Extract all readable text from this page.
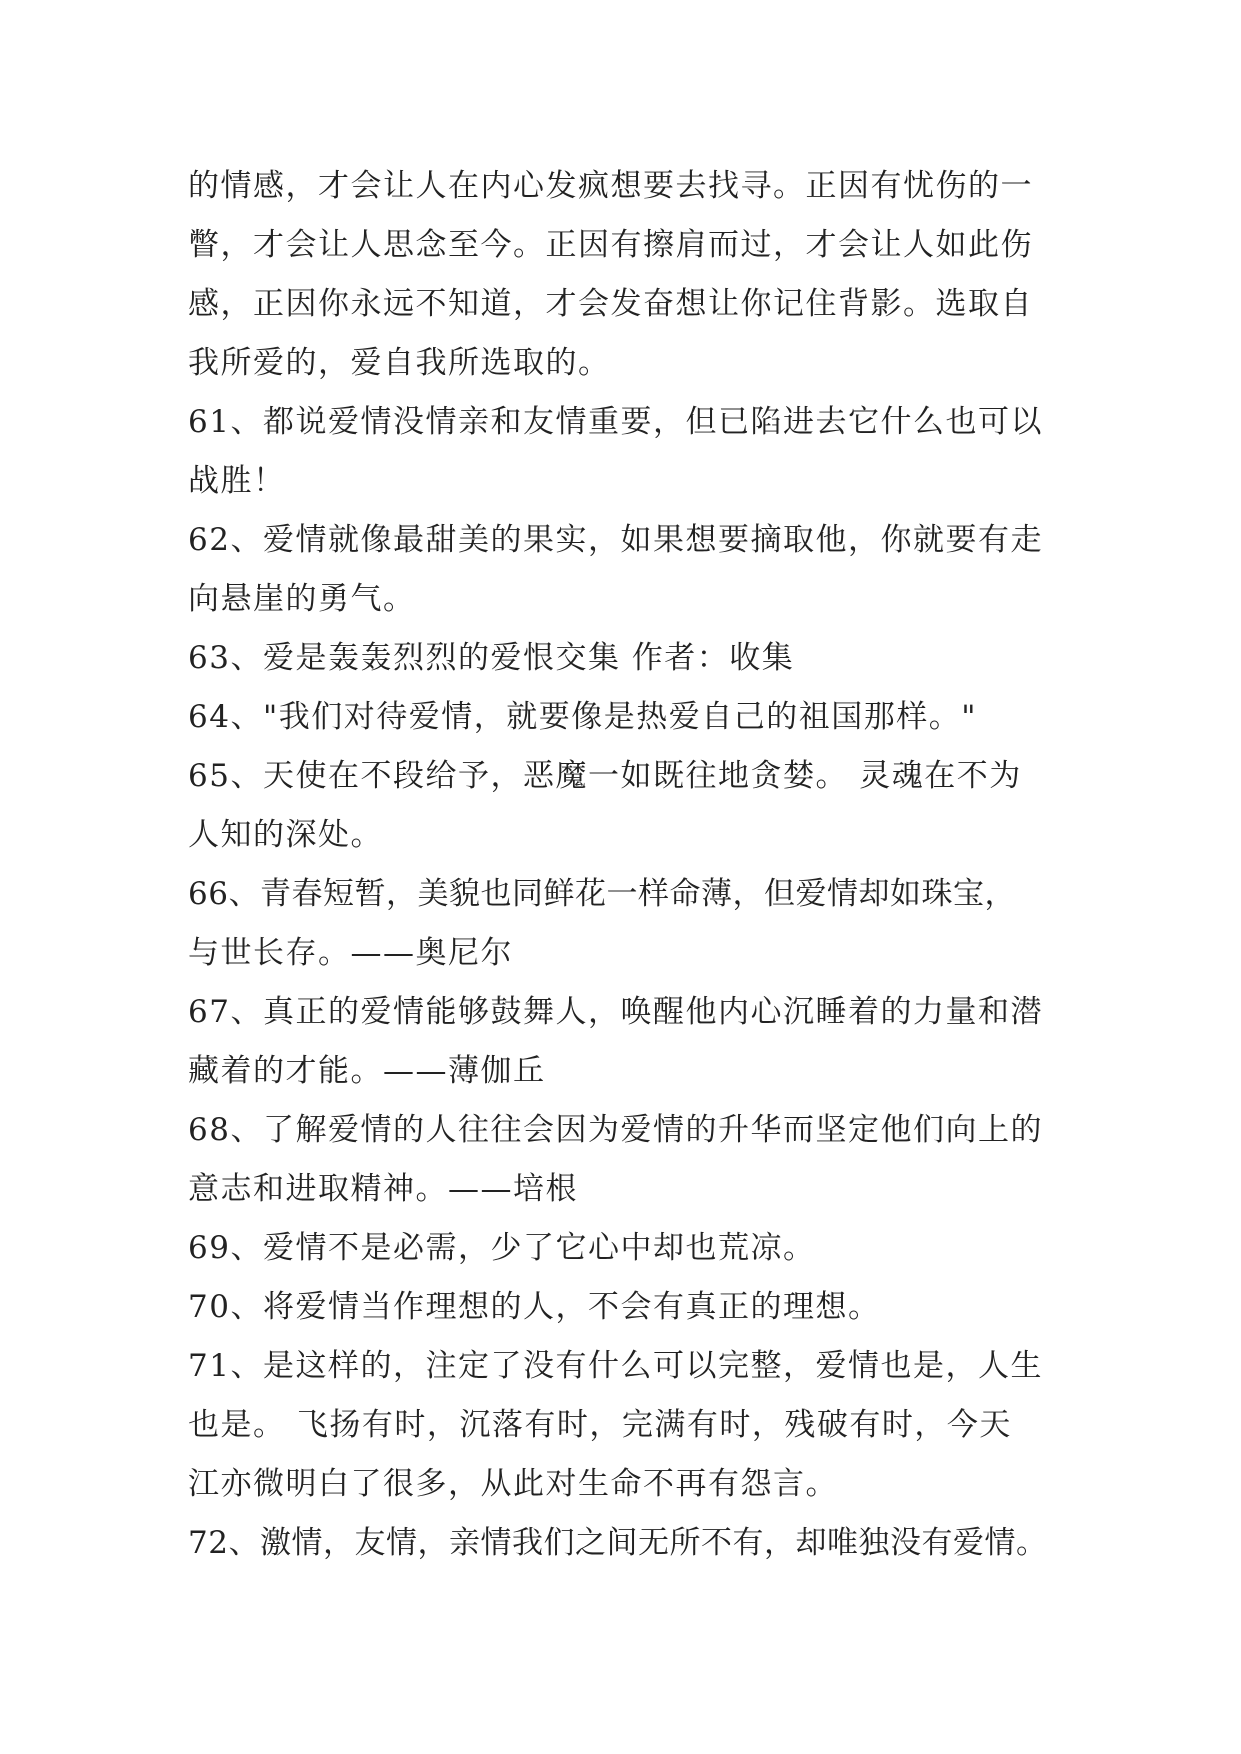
的情感，才会让人在内心发疯想要去找寻。正因有忧伤的一
瞥，才会让人思念至今。正因有擦肩而过，才会让人如此伤
感，正因你永远不知道，才会发奋想让你记住背影。选取自
我所爱的，爱自我所选取的。
61、都说爱情没情亲和友情重要，但已陷进去它什么也可以
战胜！
62、爱情就像最甜美的果实，如果想要摘取他，你就要有走
向悬崖的勇气。
63、爱是轰轰烈烈的爱恨交集 作者：收集
64、"我们对待爱情，就要像是热爱自己的祖国那样。"
65、天使在不段给予，恶魔一如既往地贪婪。 灵魂在不为
人知的深处。
66、青春短暂，美貌也同鲜花一样命薄，但爱情却如珠宝，
与世长存。——奥尼尔
67、真正的爱情能够鼓舞人，唤醒他内心沉睡着的力量和潜
藏着的才能。——薄伽丘
68、了解爱情的人往往会因为爱情的升华而坚定他们向上的
意志和进取精神。——培根
69、爱情不是必需，少了它心中却也荒凉。
70、将爱情当作理想的人，不会有真正的理想。
71、是这样的，注定了没有什么可以完整，爱情也是，人生
也是。 飞扬有时，沉落有时，完满有时，残破有时，今天
江亦微明白了很多，从此对生命不再有怨言。
72、激情，友情，亲情我们之间无所不有，却唯独没有爱情。
